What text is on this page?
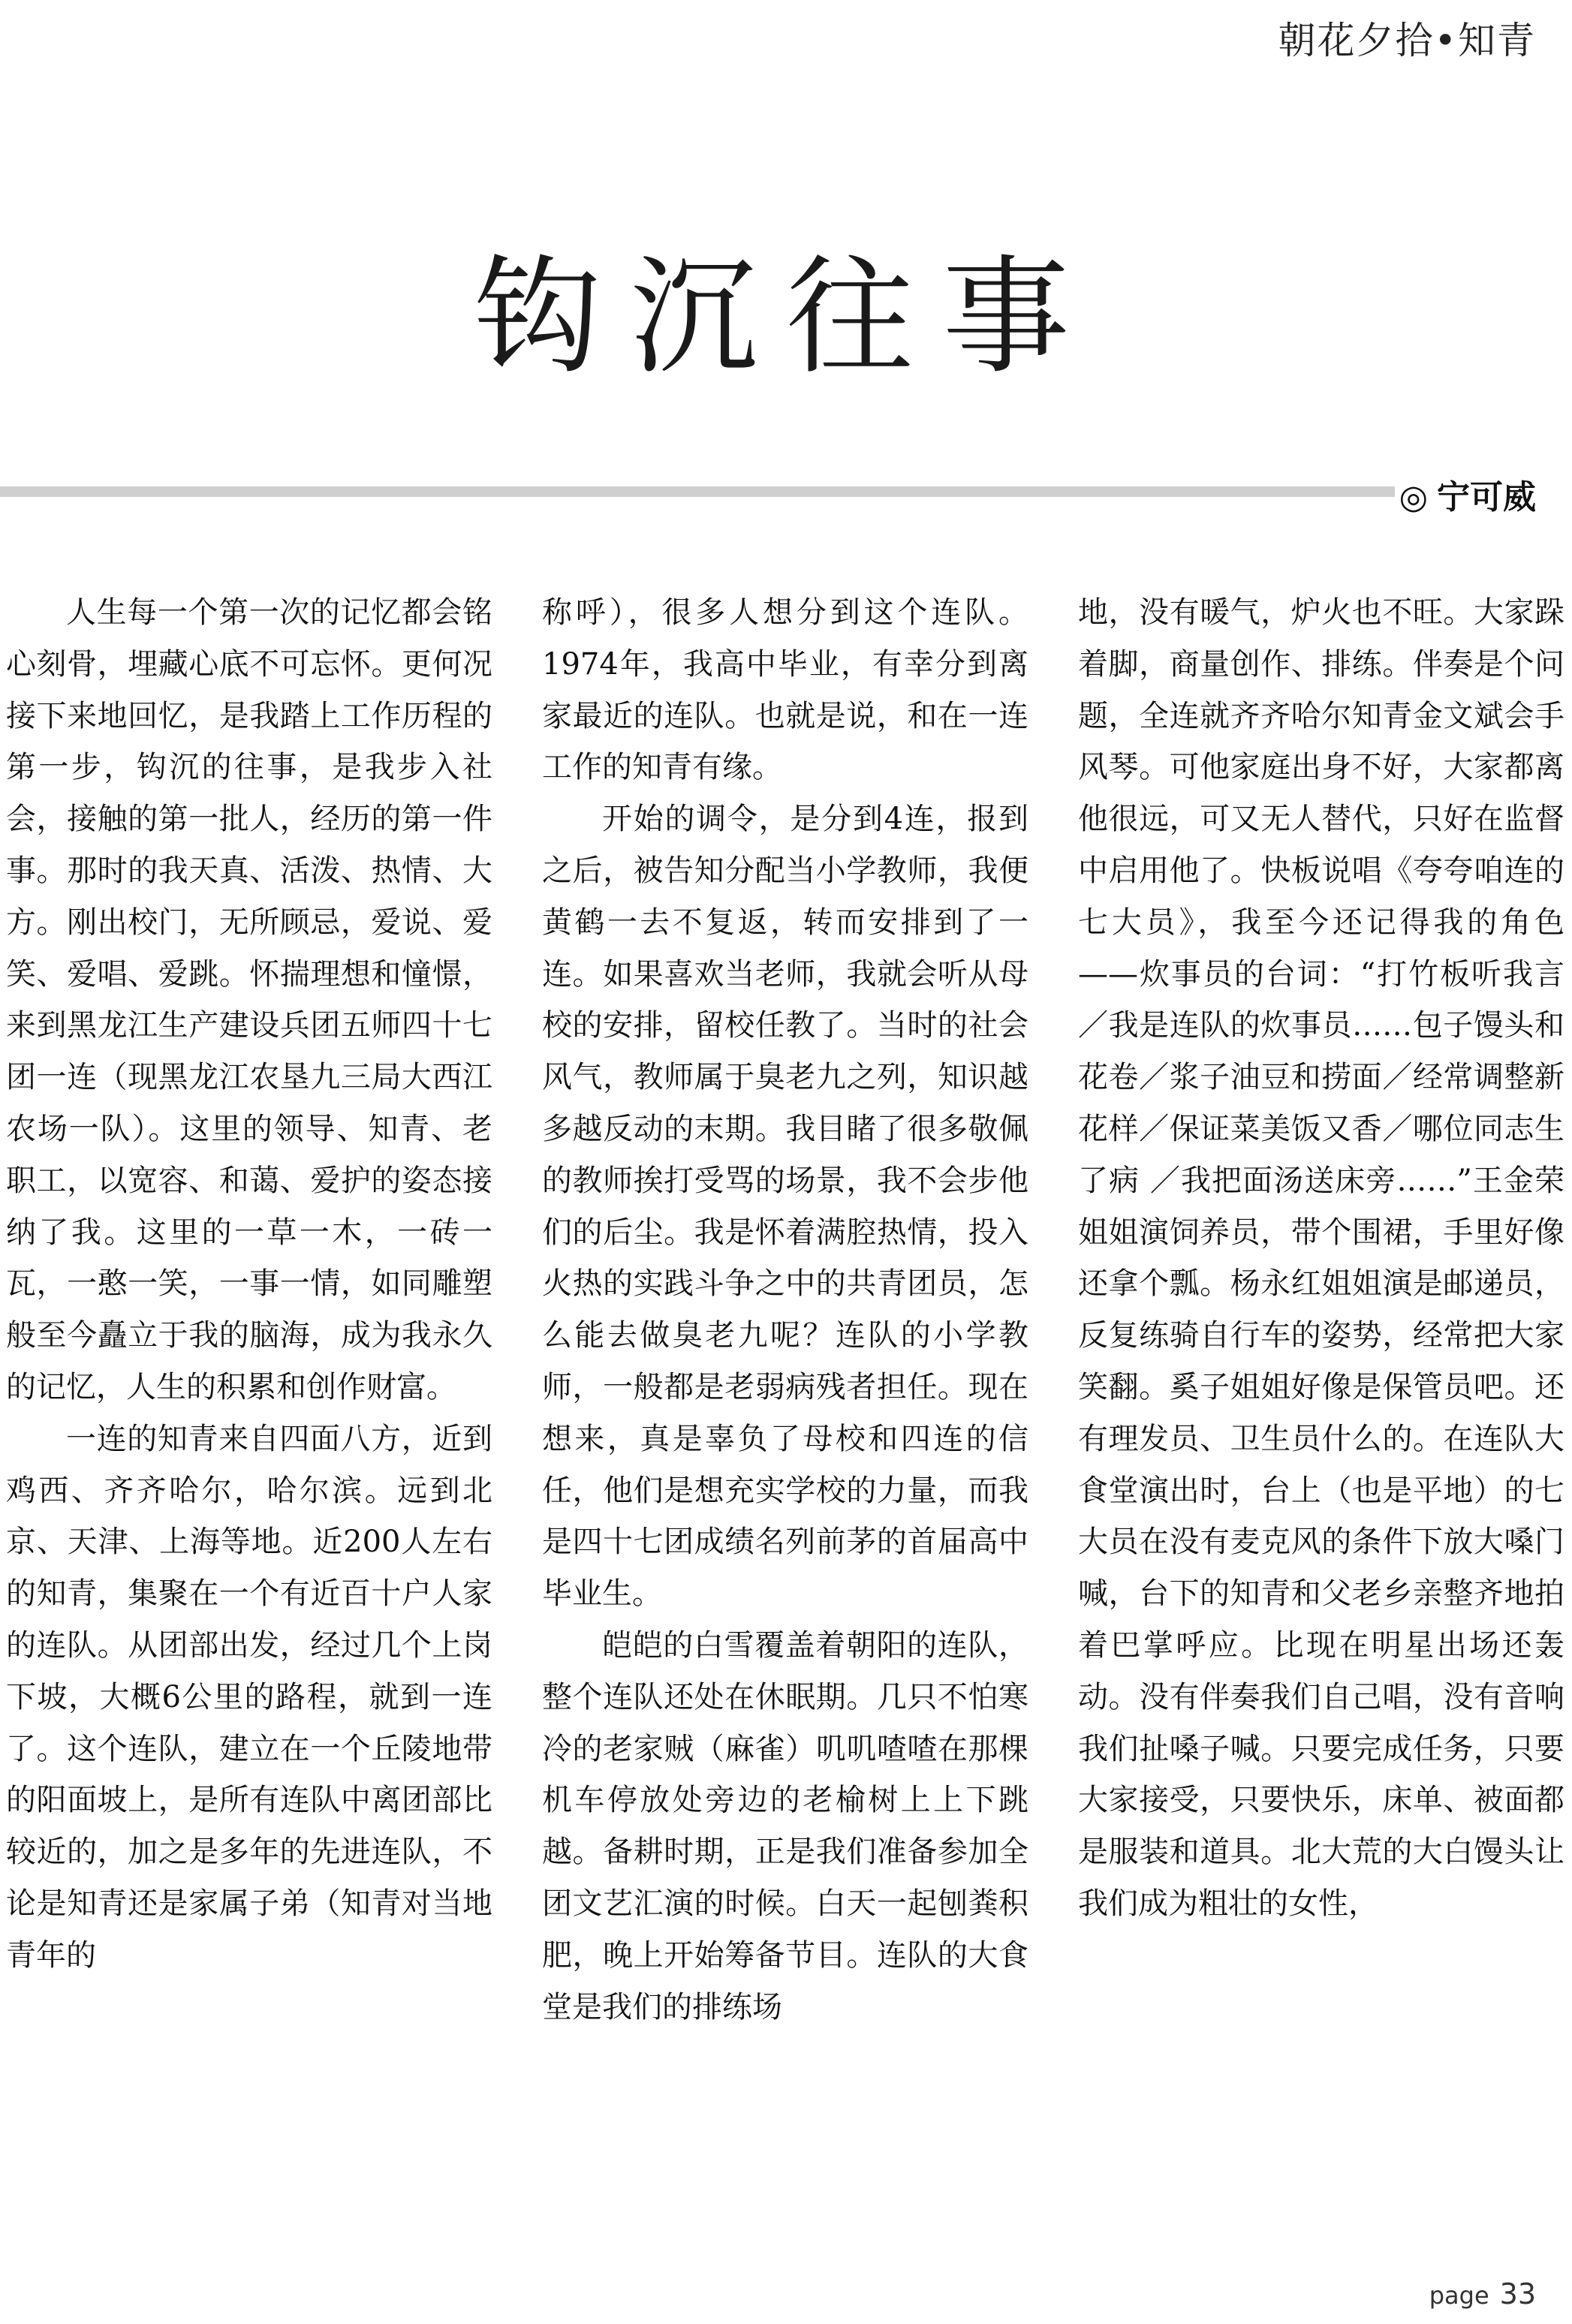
朝花夕拾•知青
钩沉往事
◎ 宁可威

人生每一个第一次的记忆都会铭心刻骨，埋藏心底不可忘怀。更何况接下来地回忆，是我踏上工作历程的第一步，钩沉的往事，是我步入社会，接触的第一批人，经历的第一件事。那时的我天真、活泼、热情、大方。刚出校门，无所顾忌，爱说、爱笑、爱唱、爱跳。怀揣理想和憧憬，来到黑龙江生产建设兵团五师四十七团一连（现黑龙江农垦九三局大西江农场一队）。这里的领导、知青、老职工，以宽容、和蔼、爱护的姿态接纳了我。这里的一草一木，一砖一瓦，一憨一笑，一事一情，如同雕塑般至今矗立于我的脑海，成为我永久的记忆，人生的积累和创作财富。

一连的知青来自四面八方，近到鸡西、齐齐哈尔，哈尔滨。远到北京、天津、上海等地。近200人左右的知青，集聚在一个有近百十户人家的连队。从团部出发，经过几个上岗下坡，大概6公里的路程，就到一连了。这个连队，建立在一个丘陵地带的阳面坡上，是所有连队中离团部比较近的，加之是多年的先进连队，不论是知青还是家属子弟（知青对当地青年的

称呼），很多人想分到这个连队。1974年，我高中毕业，有幸分到离家最近的连队。也就是说，和在一连工作的知青有缘。

开始的调令，是分到4连，报到之后，被告知分配当小学教师，我便黄鹤一去不复返，转而安排到了一连。如果喜欢当老师，我就会听从母校的安排，留校任教了。当时的社会风气，教师属于臭老九之列，知识越多越反动的末期。我目睹了很多敬佩的教师挨打受骂的场景，我不会步他们的后尘。我是怀着满腔热情，投入火热的实践斗争之中的共青团员，怎么能去做臭老九呢？连队的小学教师，一般都是老弱病残者担任。现在想来，真是辜负了母校和四连的信任，他们是想充实学校的力量，而我是四十七团成绩名列前茅的首届高中毕业生。

皑皑的白雪覆盖着朝阳的连队，整个连队还处在休眠期。几只不怕寒冷的老家贼（麻雀）叽叽喳喳在那棵机车停放处旁边的老榆树上上下跳越。备耕时期，正是我们准备参加全团文艺汇演的时候。白天一起刨粪积肥，晚上开始筹备节目。连队的大食堂是我们的排练场

地，没有暖气，炉火也不旺。大家跺着脚，商量创作、排练。伴奏是个问题，全连就齐齐哈尔知青金文斌会手风琴。可他家庭出身不好，大家都离他很远，可又无人替代，只好在监督中启用他了。快板说唱《夸夸咱连的七大员》，我至今还记得我的角色——炊事员的台词：“打竹板听我言／我是连队的炊事员……包子馒头和花卷／浆子油豆和捞面／经常调整新花样／保证菜美饭又香／哪位同志生了病 ／我把面汤送床旁……”王金荣姐姐演饲养员，带个围裙，手里好像还拿个瓢。杨永红姐姐演是邮递员，反复练骑自行车的姿势，经常把大家笑翻。奚子姐姐好像是保管员吧。还有理发员、卫生员什么的。在连队大食堂演出时，台上（也是平地）的七大员在没有麦克风的条件下放大嗓门喊，台下的知青和父老乡亲整齐地拍着巴掌呼应。比现在明星出场还轰动。没有伴奏我们自己唱，没有音响我们扯嗓子喊。只要完成任务，只要大家接受，只要快乐，床单、被面都是服装和道具。北大荒的大白馒头让我们成为粗壮的女性，

page 33
